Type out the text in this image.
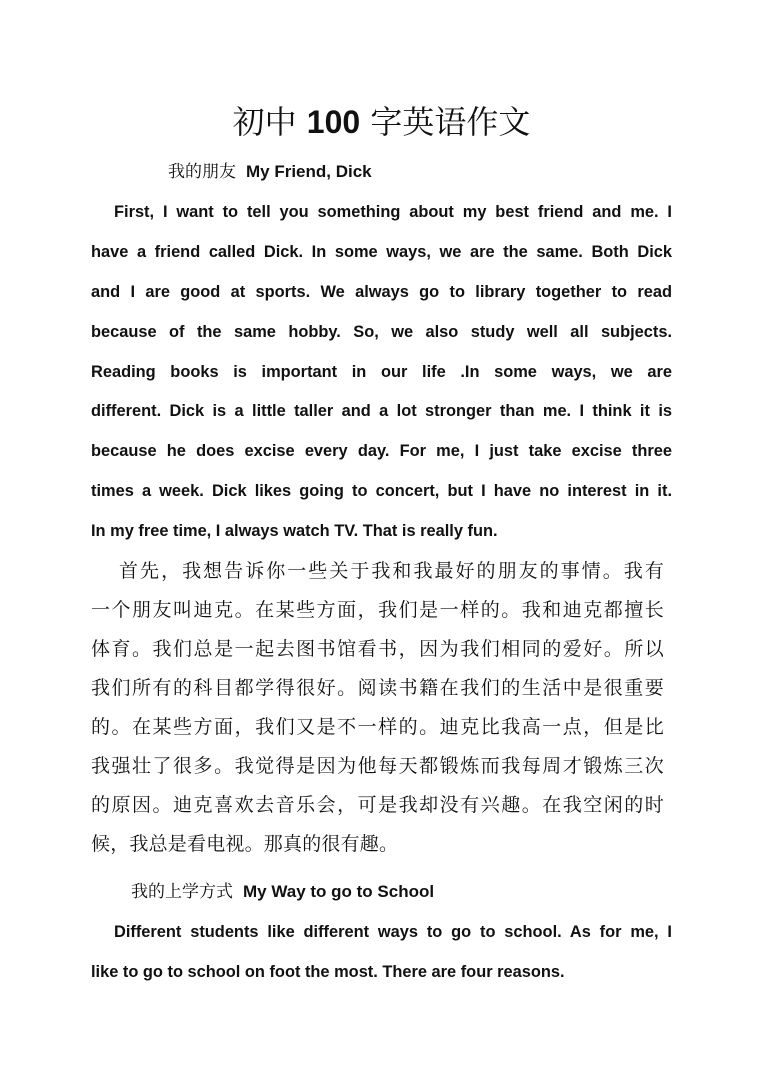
初中 100 字英语作文
我的朋友 My Friend, Dick
First, I want to tell you something about my best friend and me. I
have a friend called Dick. In some ways, we are the same. Both Dick
and I are good at sports. We always go to library together to read
because of the same hobby. So, we also study well all subjects.
Reading books is important in our life .In some ways, we are
different. Dick is a little taller and a lot stronger than me. I think it is
because he does excise every day. For me, I just take excise three
times a week. Dick likes going to concert, but I have no interest in it.
In my free time, I always watch TV. That is really fun.
首先，我想告诉你一些关于我和我最好的朋友的事情。我有
一个朋友叫迪克。在某些方面，我们是一样的。我和迪克都擅长
体育。我们总是一起去图书馆看书，因为我们相同的爱好。所以
我们所有的科目都学得很好。阅读书籍在我们的生活中是很重要
的。在某些方面，我们又是不一样的。迪克比我高一点，但是比
我强壮了很多。我觉得是因为他每天都锻炼而我每周才锻炼三次
的原因。迪克喜欢去音乐会，可是我却没有兴趣。在我空闲的时
候，我总是看电视。那真的很有趣。
我的上学方式 My Way to go to School
Different students like different ways to go to school. As for me, I
like to go to school on foot the most. There are four reasons.
